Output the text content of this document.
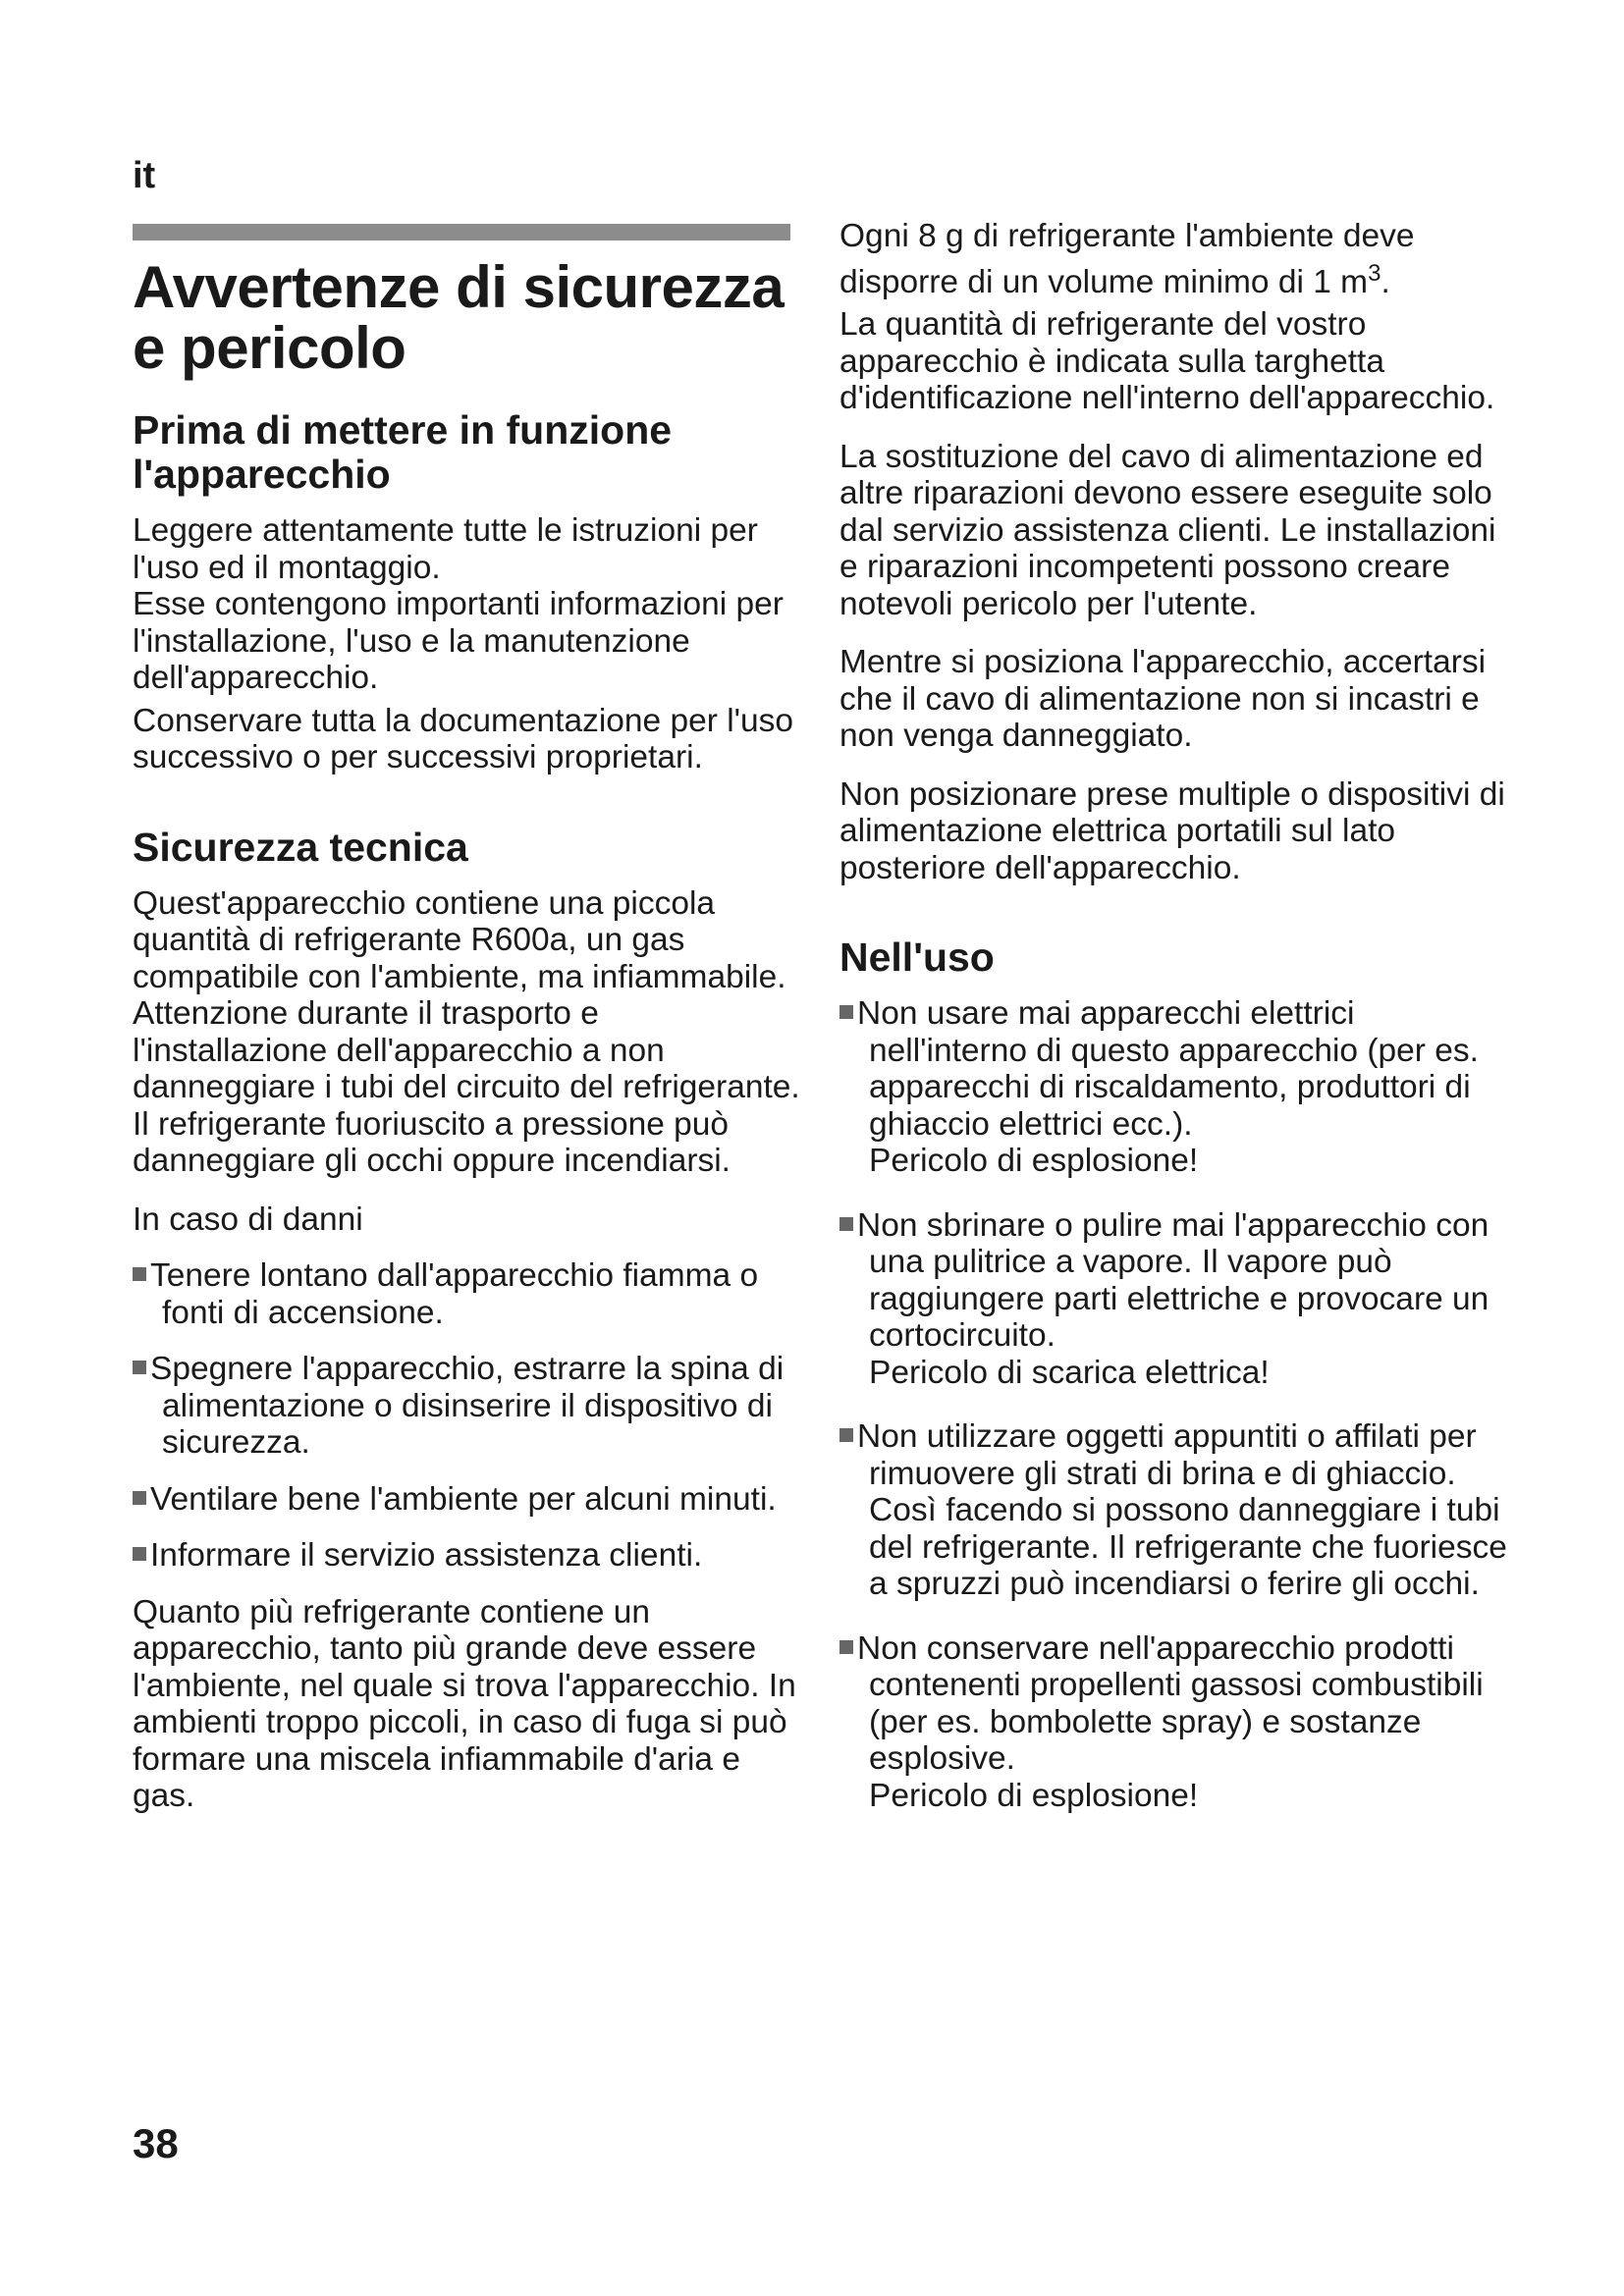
it
Avvertenze di sicurezza e pericolo
Prima di mettere in funzione l'apparecchio

Leggere attentamente tutte le istruzioni per l'uso ed il montaggio.

Esse contengono importanti informazioni per l'installazione, l'uso e la manutenzione dell'apparecchio.

Conservare tutta la documentazione per l'uso successivo o per successivi proprietari.

Sicurezza tecnica

Quest'apparecchio contiene una piccola quantità di refrigerante R600a, un gas compatibile con l'ambiente, ma infiammabile. Attenzione durante il trasporto e l'installazione dell'apparecchio a non danneggiare i tubi del circuito del refrigerante. Il refrigerante fuoriuscito a pressione può danneggiare gli occhi oppure incendiarsi.

In caso di danni

Tenere lontano dall'apparecchio fiamma o fonti di accensione.
Spegnere l'apparecchio, estrarre la spina di alimentazione o disinserire il dispositivo di sicurezza.
Ventilare bene l'ambiente per alcuni minuti.
Informare il servizio assistenza clienti.

Quanto più refrigerante contiene un apparecchio, tanto più grande deve essere l'ambiente, nel quale si trova l'apparecchio. In ambienti troppo piccoli, in caso di fuga si può formare una miscela infiammabile d'aria e gas.

Ogni 8 g di refrigerante l'ambiente deve disporre di un volume minimo di 1 $m^3$.

La quantità di refrigerante del vostro apparecchio è indicata sulla targhetta d'identificazione nell'interno dell'apparecchio.

La sostituzione del cavo di alimentazione ed altre riparazioni devono essere eseguite solo dal servizio assistenza clienti. Le installazioni e riparazioni incompetenti possono creare notevoli pericolo per l'utente.

Mentre si posiziona l'apparecchio, accertarsi che il cavo di alimentazione non si incastri e non venga danneggiato.

Non posizionare prese multiple o dispositivi di alimentazione elettrica portatili sul lato posteriore dell'apparecchio.

Nell'uso
Non usare mai apparecchi elettrici nell'interno di questo apparecchio (per es. apparecchi di riscaldamento, produttori di ghiaccio elettrici ecc.).
Pericolo di esplosione!
Non sbrinare o pulire mai l'apparecchio con una pulitrice a vapore. Il vapore può raggiungere parti elettriche e provocare un cortocircuito.
Pericolo di scarica elettrica!
Non utilizzare oggetti appuntiti o affilati per rimuovere gli strati di brina e di ghiaccio. Così facendo si possono danneggiare i tubi del refrigerante. Il refrigerante che fuoriesce a spruzzi può incendiarsi o ferire gli occhi.
Non conservare nell'apparecchio prodotti contenenti propellenti gassosi combustibili (per es. bombolette spray) e sostanze esplosive.
Pericolo di esplosione!
38
